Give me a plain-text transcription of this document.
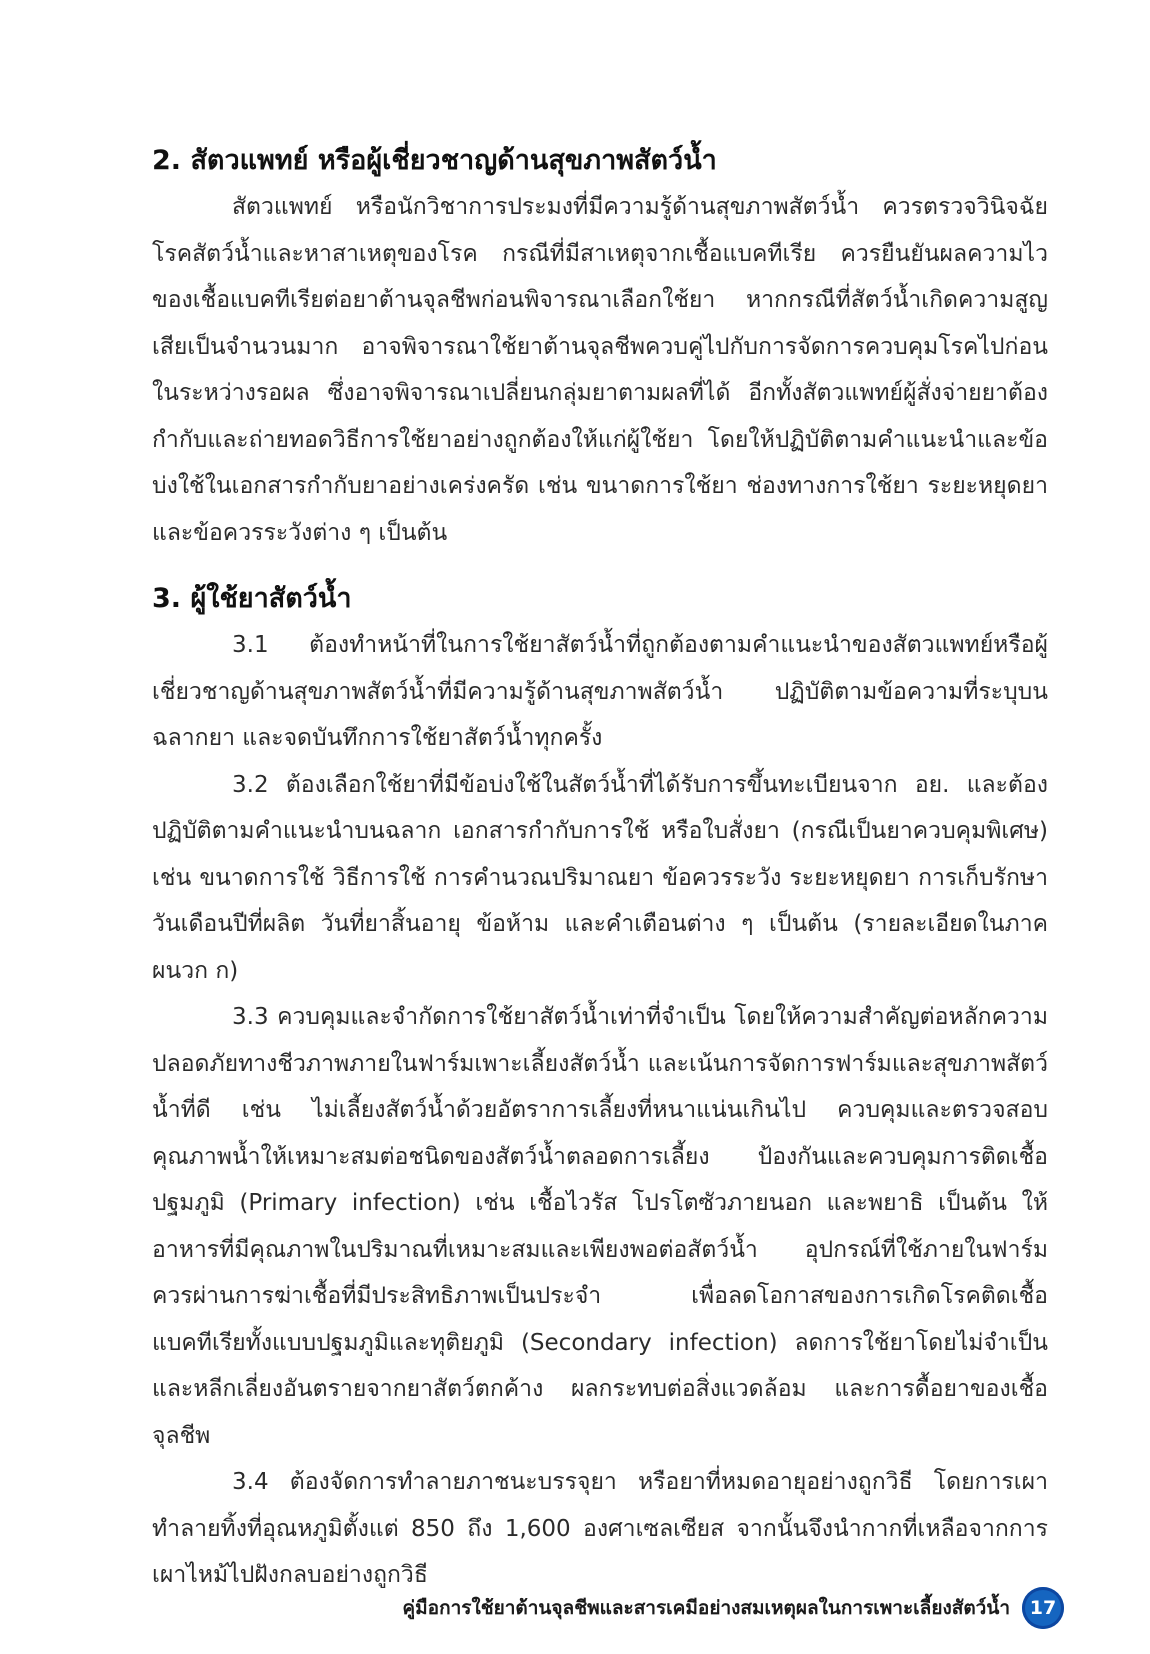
2. สัตวแพทย์ หรือผู้เชี่ยวชาญด้านสุขภาพสัตว์น้ำ

สัตวแพทย์ หรือนักวิชาการประมงที่มีความรู้ด้านสุขภาพสัตว์น้ำ ควรตรวจวินิจฉัยโรคสัตว์น้ำและหาสาเหตุของโรค กรณีที่มีสาเหตุจากเชื้อแบคทีเรีย ควรยืนยันผลความไวของเชื้อแบคทีเรียต่อยาต้านจุลชีพก่อนพิจารณาเลือกใช้ยา หากกรณีที่สัตว์น้ำเกิดความสูญเสียเป็นจำนวนมาก อาจพิจารณาใช้ยาต้านจุลชีพควบคู่ไปกับการจัดการควบคุมโรคไปก่อนในระหว่างรอผล ซึ่งอาจพิจารณาเปลี่ยนกลุ่มยาตามผลที่ได้ อีกทั้งสัตวแพทย์ผู้สั่งจ่ายยาต้องกำกับและถ่ายทอดวิธีการใช้ยาอย่างถูกต้องให้แก่ผู้ใช้ยา โดยให้ปฏิบัติตามคำแนะนำและข้อบ่งใช้ในเอกสารกำกับยาอย่างเคร่งครัด เช่น ขนาดการใช้ยา ช่องทางการใช้ยา ระยะหยุดยา และข้อควรระวังต่าง ๆ เป็นต้น

3. ผู้ใช้ยาสัตว์น้ำ

3.1 ต้องทำหน้าที่ในการใช้ยาสัตว์น้ำที่ถูกต้องตามคำแนะนำของสัตวแพทย์หรือผู้เชี่ยวชาญด้านสุขภาพสัตว์น้ำที่มีความรู้ด้านสุขภาพสัตว์น้ำ ปฏิบัติตามข้อความที่ระบุบนฉลากยา และจดบันทึกการใช้ยาสัตว์น้ำทุกครั้ง

3.2 ต้องเลือกใช้ยาที่มีข้อบ่งใช้ในสัตว์น้ำที่ได้รับการขึ้นทะเบียนจาก อย. และต้องปฏิบัติตามคำแนะนำบนฉลาก เอกสารกำกับการใช้ หรือใบสั่งยา (กรณีเป็นยาควบคุมพิเศษ) เช่น ขนาดการใช้ วิธีการใช้ การคำนวณปริมาณยา ข้อควรระวัง ระยะหยุดยา การเก็บรักษา วันเดือนปีที่ผลิต วันที่ยาสิ้นอายุ ข้อห้าม และคำเตือนต่าง ๆ เป็นต้น (รายละเอียดในภาคผนวก ก)

3.3 ควบคุมและจำกัดการใช้ยาสัตว์น้ำเท่าที่จำเป็น โดยให้ความสำคัญต่อหลักความปลอดภัยทางชีวภาพภายในฟาร์มเพาะเลี้ยงสัตว์น้ำ และเน้นการจัดการฟาร์มและสุขภาพสัตว์น้ำที่ดี เช่น ไม่เลี้ยงสัตว์น้ำด้วยอัตราการเลี้ยงที่หนาแน่นเกินไป ควบคุมและตรวจสอบคุณภาพน้ำให้เหมาะสมต่อชนิดของสัตว์น้ำตลอดการเลี้ยง ป้องกันและควบคุมการติดเชื้อปฐมภูมิ (Primary infection) เช่น เชื้อไวรัส โปรโตซัวภายนอก และพยาธิ เป็นต้น ให้อาหารที่มีคุณภาพในปริมาณที่เหมาะสมและเพียงพอต่อสัตว์น้ำ อุปกรณ์ที่ใช้ภายในฟาร์มควรผ่านการฆ่าเชื้อที่มีประสิทธิภาพเป็นประจำ เพื่อลดโอกาสของการเกิดโรคติดเชื้อแบคทีเรียทั้งแบบปฐมภูมิและทุติยภูมิ (Secondary infection) ลดการใช้ยาโดยไม่จำเป็น และหลีกเลี่ยงอันตรายจากยาสัตว์ตกค้าง ผลกระทบต่อสิ่งแวดล้อม และการดื้อยาของเชื้อจุลชีพ

3.4 ต้องจัดการทำลายภาชนะบรรจุยา หรือยาที่หมดอายุอย่างถูกวิธี โดยการเผาทำลายทิ้งที่อุณหภูมิตั้งแต่ 850 ถึง 1,600 องศาเซลเซียส จากนั้นจึงนำกากที่เหลือจากการเผาไหม้ไปฝังกลบอย่างถูกวิธี

คู่มือการใช้ยาต้านจุลชีพและสารเคมีอย่างสมเหตุผลในการเพาะเลี้ยงสัตว์น้ำ 17
